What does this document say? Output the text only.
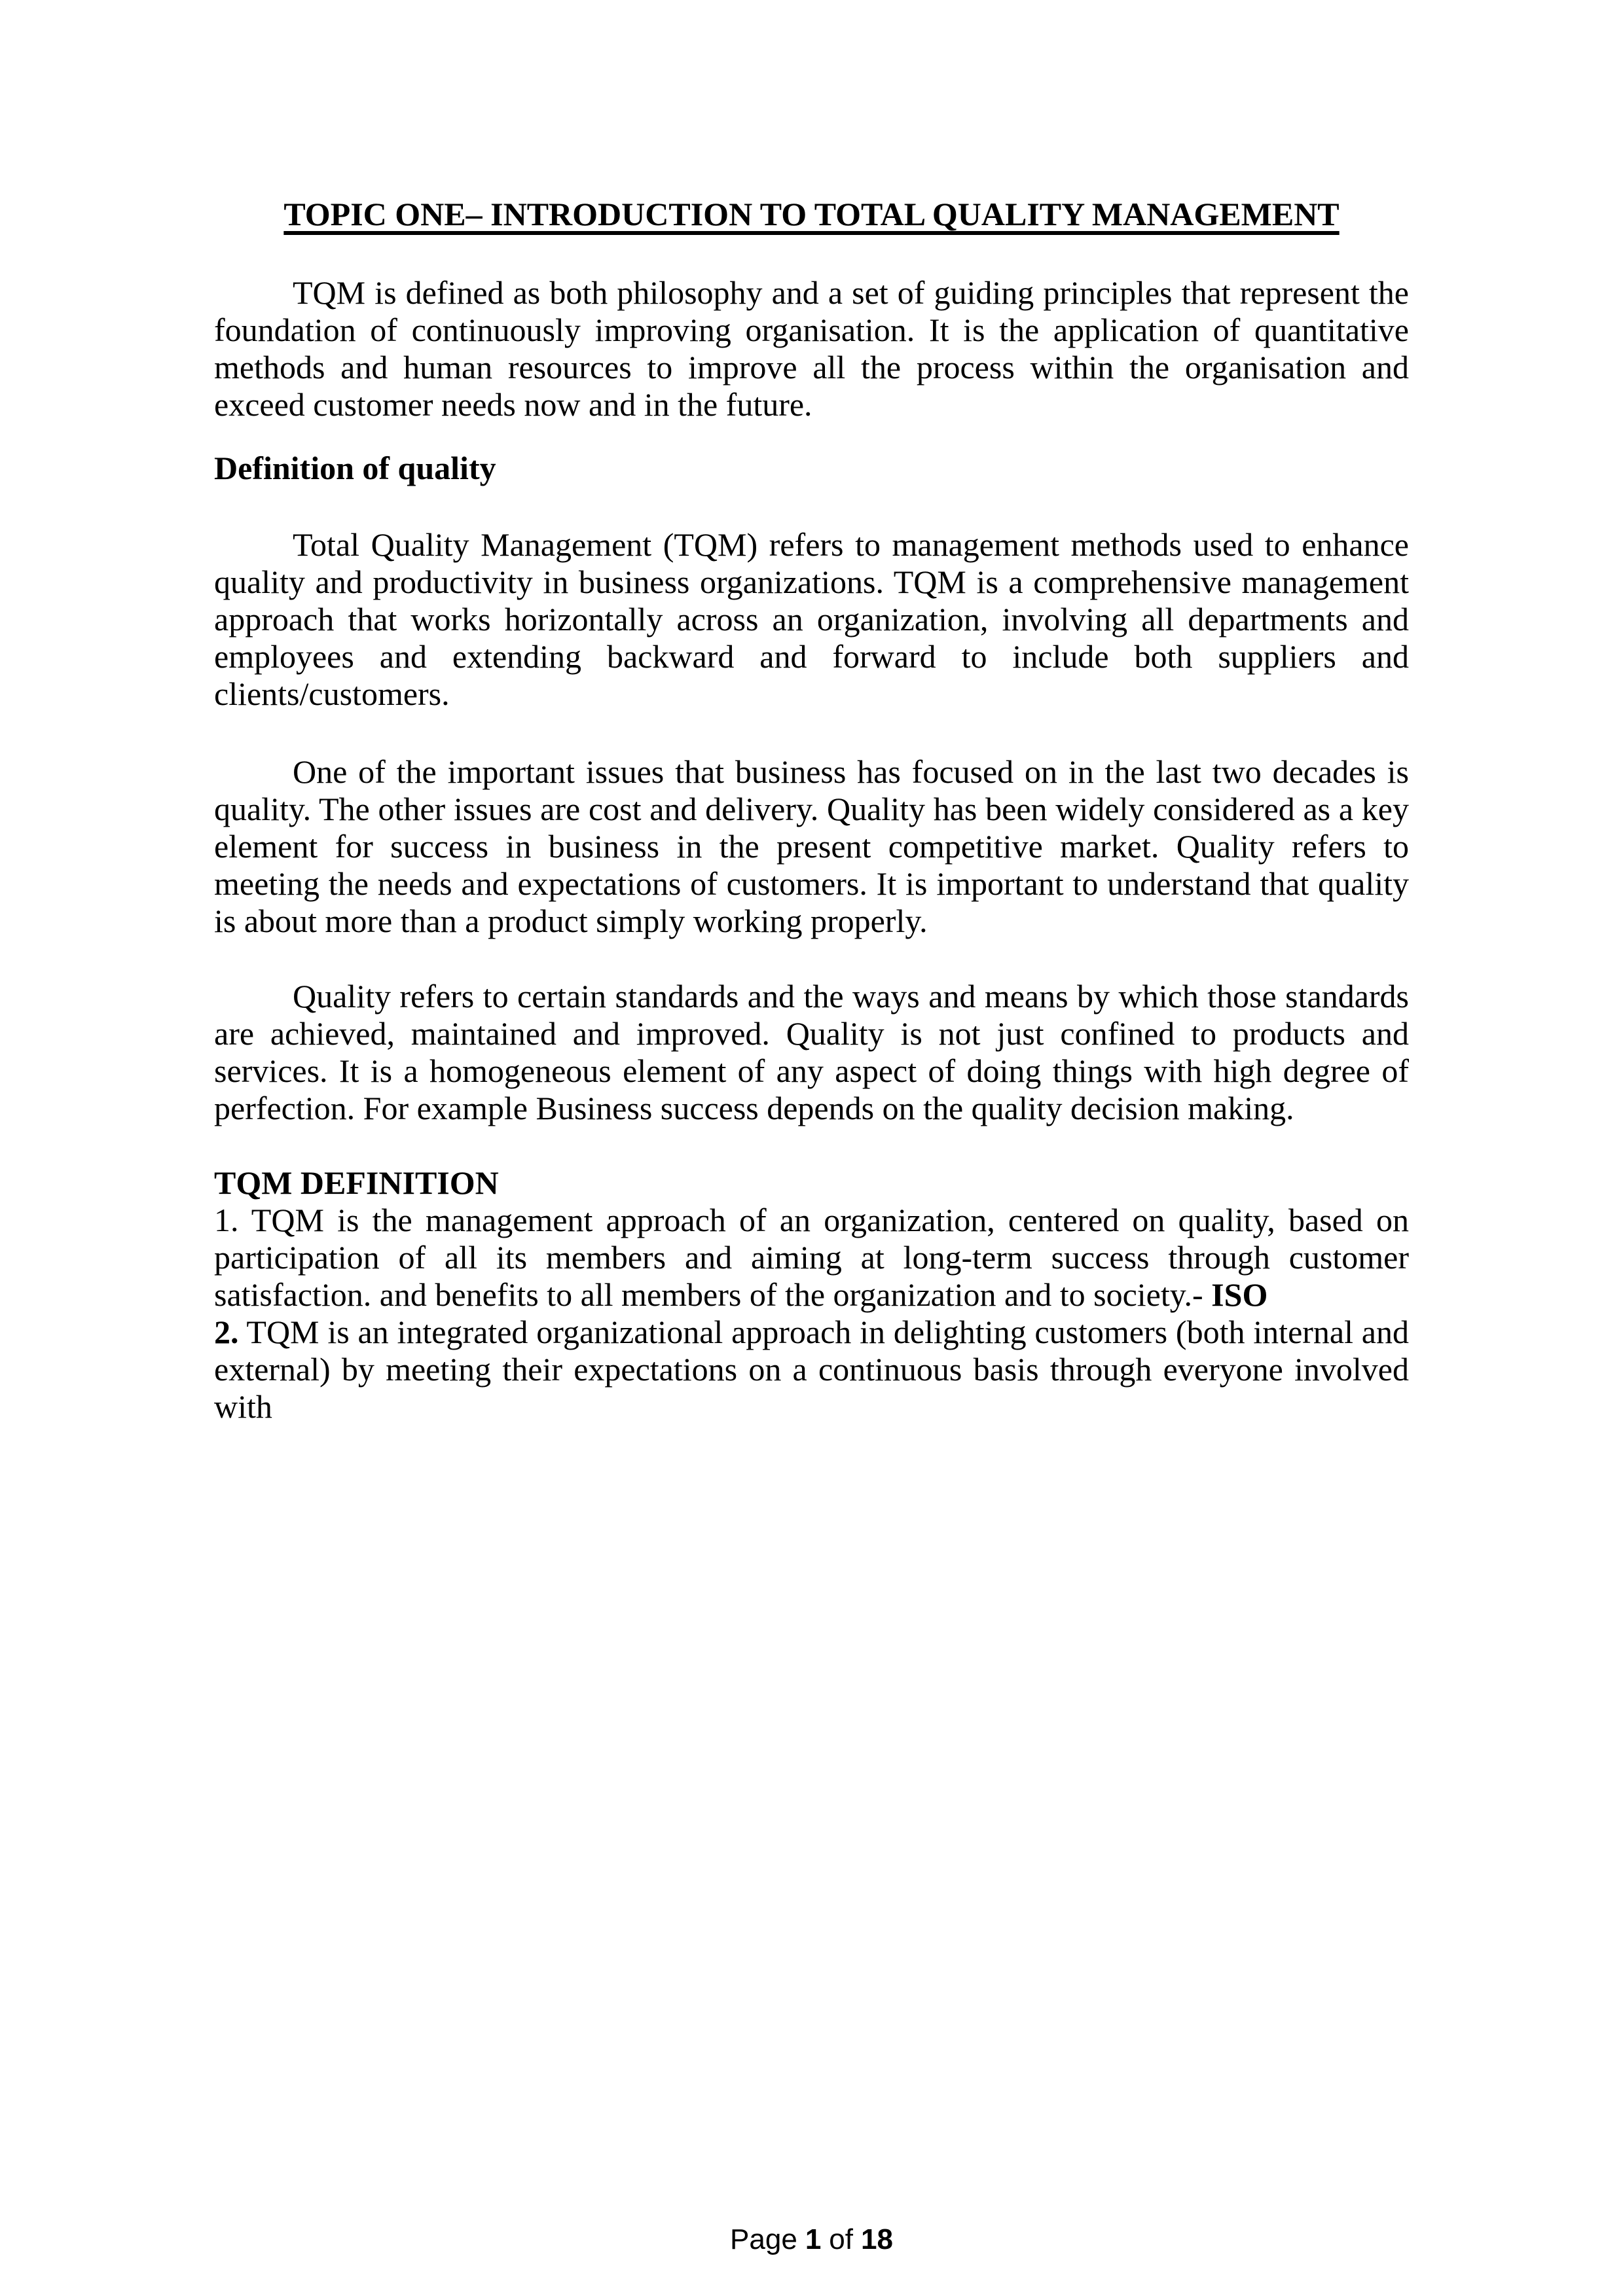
TOPIC ONE– INTRODUCTION TO TOTAL QUALITY MANAGEMENT

TQM is defined as both philosophy and a set of guiding principles that represent the foundation of continuously improving organisation. It is the application of quantitative methods and human resources to improve all the process within the organisation and exceed customer needs now and in the future.

Definition of quality

Total Quality Management (TQM) refers to management methods used to enhance quality and productivity in business organizations. TQM is a comprehensive management approach that works horizontally across an organization, involving all departments and employees and extending backward and forward to include both suppliers and clients/customers.

One of the important issues that business has focused on in the last two decades is quality. The other issues are cost and delivery. Quality has been widely considered as a key element for success in business in the present competitive market. Quality refers to meeting the needs and expectations of customers. It is important to understand that quality is about more than a product simply working properly.

Quality refers to certain standards and the ways and means by which those standards are achieved, maintained and improved. Quality is not just confined to products and services. It is a homogeneous element of any aspect of doing things with high degree of perfection. For example Business success depends on the quality decision making.

TQM DEFINITION

1. TQM is the management approach of an organization, centered on quality, based on participation of all its members and aiming at long-term success through customer satisfaction. and benefits to all members of the organization and to society.- ISO

2. TQM is an integrated organizational approach in delighting customers (both internal and external) by meeting their expectations on a continuous basis through everyone involved with

Page 1 of 18
